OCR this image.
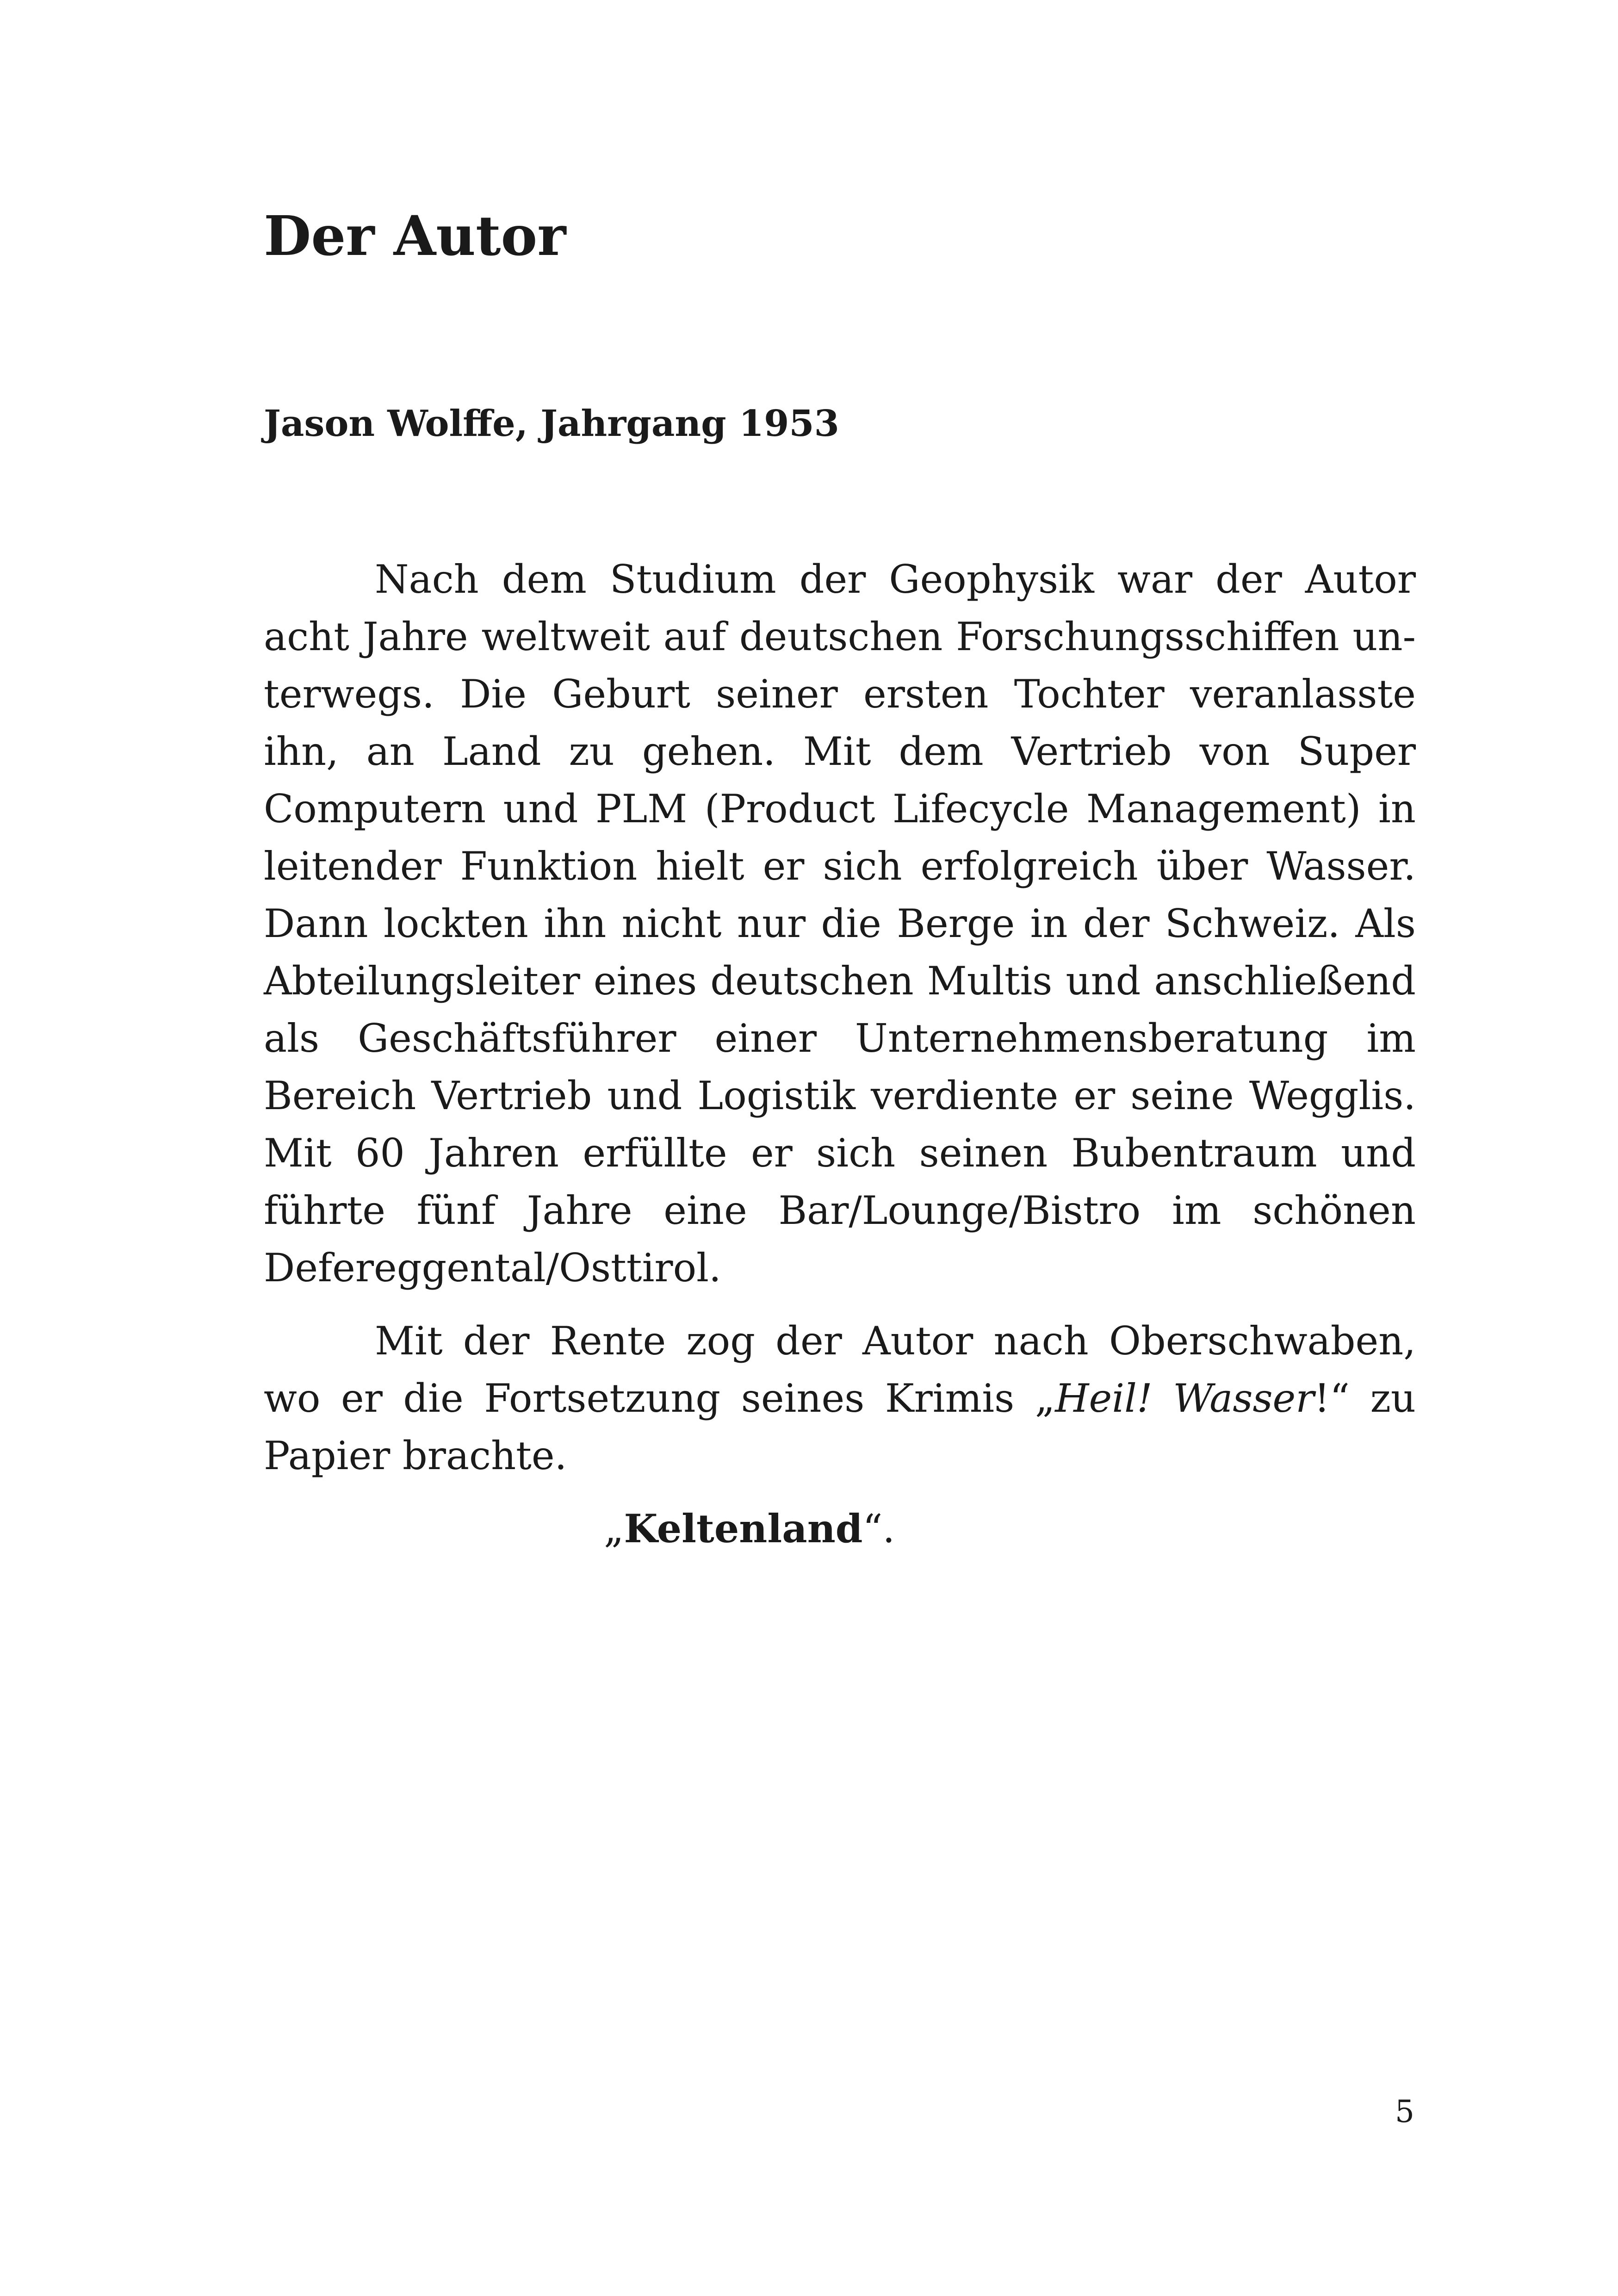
Der Autor
Jason Wolffe, Jahrgang 1953

Nach dem Studium der Geophysik war der Autor acht Jahre weltweit auf deutschen Forschungsschiffen unterwegs. Die Geburt seiner ersten Tochter veranlasste ihn, an Land zu gehen. Mit dem Vertrieb von Super Computern und PLM (Product Lifecycle Management) in leitender Funktion hielt er sich erfolgreich über Wasser. Dann lockten ihn nicht nur die Berge in der Schweiz. Als Abteilungsleiter eines deutschen Multis und anschließend als Geschäftsführer einer Unternehmensberatung im Bereich Vertrieb und Logistik verdiente er seine Wegglis. Mit 60 Jahren erfüllte er sich seinen Bubentraum und führte fünf Jahre eine Bar/Lounge/Bistro im schönen Defereggental/Osttirol.

Mit der Rente zog der Autor nach Oberschwaben, wo er die Fortsetzung seines Krimis „Heil! Wasser!“ zu Papier brachte.

„Keltenland“.

5
